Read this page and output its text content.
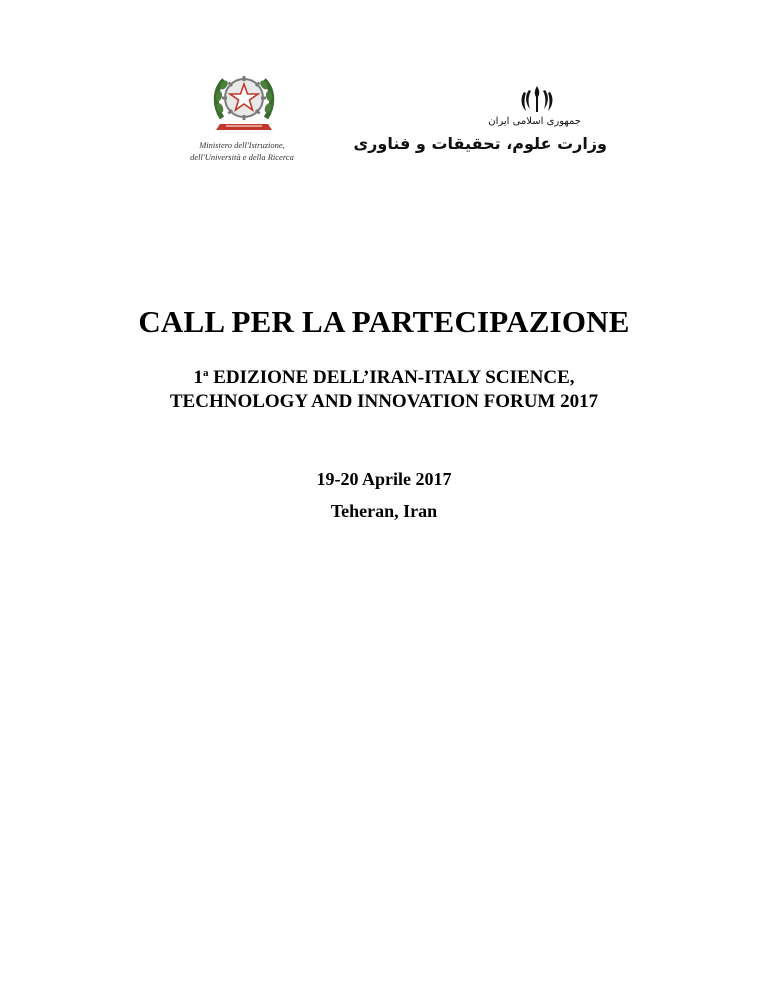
Ministero dell'Istruzione,
dell'Università e della Ricerca
جمهوری اسلامی ایران
وزارت علوم، تحقیقات و فناوری
CALL PER LA PARTECIPAZIONE
1$^a$ EDIZIONE DELL’IRAN-ITALY SCIENCE,
TECHNOLOGY AND INNOVATION FORUM 2017
19-20 Aprile 2017
Teheran, Iran
